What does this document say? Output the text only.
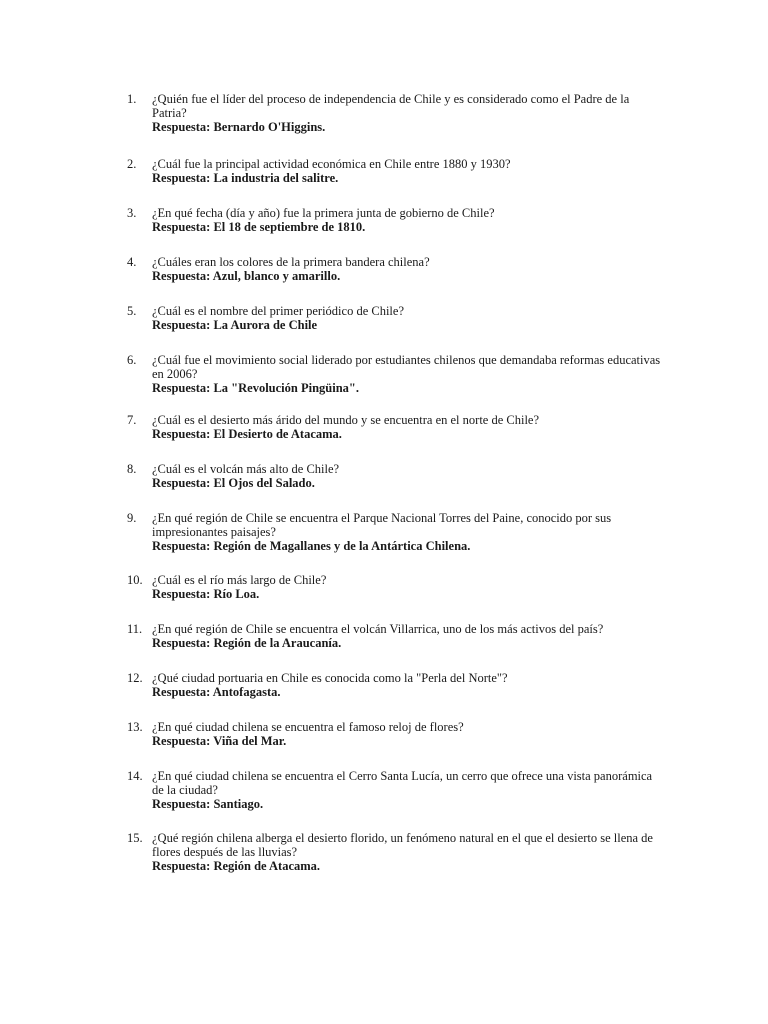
1.	¿Quién fue el líder del proceso de independencia de Chile y es considerado como el Padre de la Patria?
Respuesta: Bernardo O'Higgins.
2.	¿Cuál fue la principal actividad económica en Chile entre 1880 y 1930?
Respuesta: La industria del salitre.
3.	¿En qué fecha (día y año) fue la primera junta de gobierno de Chile?
Respuesta: El 18 de septiembre de 1810.
4.	¿Cuáles eran los colores de la primera bandera chilena?
Respuesta: Azul, blanco y amarillo.
5.	¿Cuál es el nombre del primer periódico de Chile?
Respuesta: La Aurora de Chile
6.	¿Cuál fue el movimiento social liderado por estudiantes chilenos que demandaba reformas educativas en 2006?
Respuesta: La "Revolución Pingüina".
7.	¿Cuál es el desierto más árido del mundo y se encuentra en el norte de Chile?
Respuesta: El Desierto de Atacama.
8.	¿Cuál es el volcán más alto de Chile?
Respuesta: El Ojos del Salado.
9.	¿En qué región de Chile se encuentra el Parque Nacional Torres del Paine, conocido por sus impresionantes paisajes?
Respuesta: Región de Magallanes y de la Antártica Chilena.
10. ¿Cuál es el río más largo de Chile?
Respuesta: Río Loa.
11. ¿En qué región de Chile se encuentra el volcán Villarrica, uno de los más activos del país?
Respuesta: Región de la Araucanía.
12. ¿Qué ciudad portuaria en Chile es conocida como la "Perla del Norte"?
Respuesta: Antofagasta.
13. ¿En qué ciudad chilena se encuentra el famoso reloj de flores?
Respuesta: Viña del Mar.
14. ¿En qué ciudad chilena se encuentra el Cerro Santa Lucía, un cerro que ofrece una vista panorámica de la ciudad?
Respuesta: Santiago.
15. ¿Qué región chilena alberga el desierto florido, un fenómeno natural en el que el desierto se llena de flores después de las lluvias?
Respuesta: Región de Atacama.
